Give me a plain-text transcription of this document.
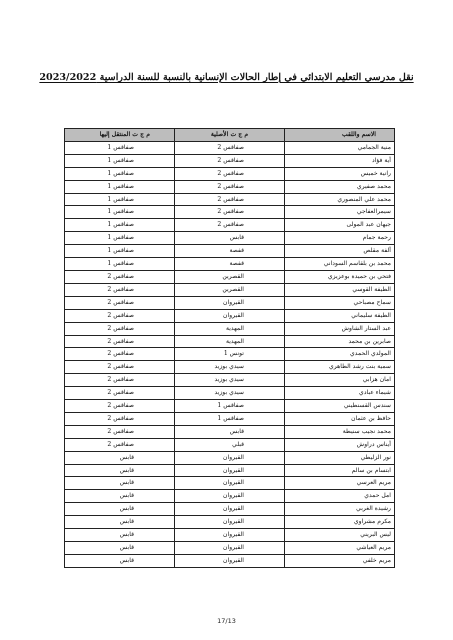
نقل مدرسي التعليم الابتدائي في إطار الحالات الإنسانية بالنسبة للسنة الدراسية 2023/2022
الاسم واللقب	م ج ت الأصلية	م ج ت المنتقل إليها
منية الجمامي	صفاقس 2	صفاقس 1
أية فؤاد	صفاقس 2	صفاقس 1
رانية خميس	صفاقس 2	صفاقس 1
محمد صفيري	صفاقس 2	صفاقس 1
محمد علي المنصوري	صفاقس 2	صفاقس 1
سيمرالعفاجي	صفاقس 2	صفاقس 1
جيهان عبد المولى	صفاقس 2	صفاقس 1
رحمة جمام	قابس	صفاقس 1
ألفة مقلص	قفصة	صفاقس 1
محمد بن بلقاسم السوداني	قفصة	صفاقس 1
فتحي بن حميدة بوعزيزي	القصرين	صفاقس 2
الطيفة القوسي	القصرين	صفاقس 2
سماح مصباحي	القيروان	صفاقس 2
الطيفة سليماني	القيروان	صفاقس 2
عبد الستار الشاوش	المهدية	صفاقس 2
صابرين بن محمد	المهدية	صفاقس 2
المولدي الحمدي	تونس 1	صفاقس 2
سمية بنت رشد الطاهري	سيدي بوزيد	صفاقس 2
امان هزابي	سيدي بوزيد	صفاقس 2
شيماء عبادي	سيدي بوزيد	صفاقس 2
سندس القسنطيني	صفاقس 1	صفاقس 2
حافظ بن عثمان	صفاقس 1	صفاقس 2
محمد نجيب سنيطة	قابس	صفاقس 2
أيناس دراوش	قبلي	صفاقس 2
نور الزليطي	القيروان	قابس
ابتسام بن سالم	القيروان	قابس
مريم العرسي	القيروان	قابس
امل حمدي	القيروان	قابس
رشيدة الغربي	القيروان	قابس
مكرم مشراوي	القيروان	قابس
ليس البريني	القيروان	قابس
مريم العياشي	القيروان	قابس
مريم خلفي	القيروان	قابس
17/13
